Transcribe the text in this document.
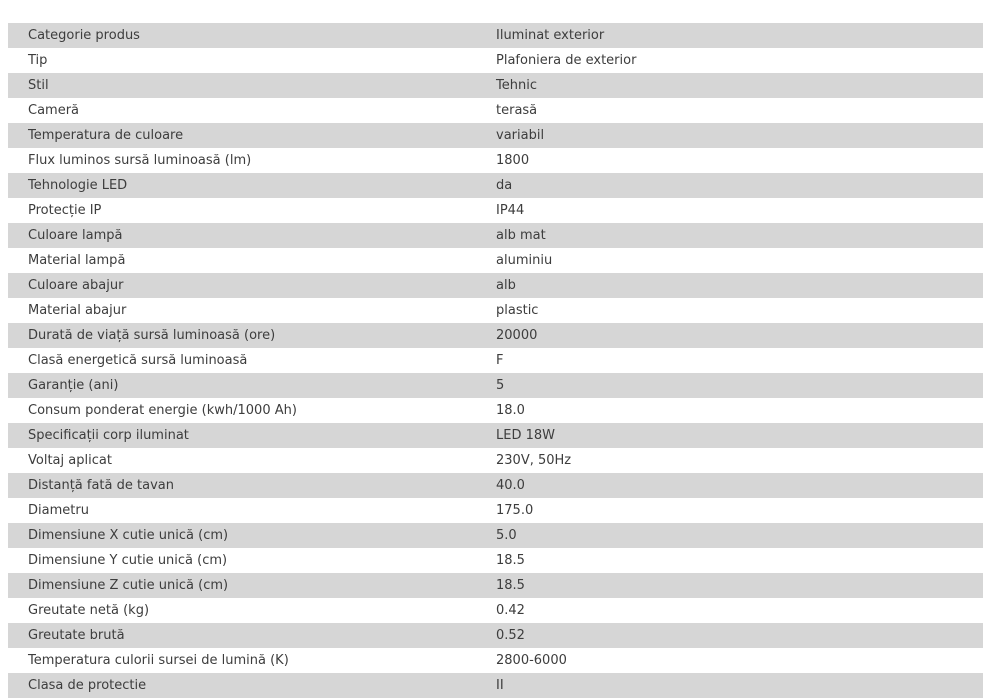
Categorie produs	Iluminat exterior
Tip	Plafoniera de exterior
Stil	Tehnic
Cameră	terasă
Temperatura de culoare	variabil
Flux luminos sursă luminoasă (lm)	1800
Tehnologie LED	da
Protecție IP	IP44
Culoare lampă	alb mat
Material lampă	aluminiu
Culoare abajur	alb
Material abajur	plastic
Durată de viață sursă luminoasă (ore)	20000
Clasă energetică sursă luminoasă	F
Garanție (ani)	5
Consum ponderat energie (kwh/1000 Ah)	18.0
Specificații corp iluminat	LED 18W
Voltaj aplicat	230V, 50Hz
Distanță fată de tavan	40.0
Diametru	175.0
Dimensiune X cutie unică (cm)	5.0
Dimensiune Y cutie unică (cm)	18.5
Dimensiune Z cutie unică (cm)	18.5
Greutate netă (kg)	0.42
Greutate brută	0.52
Temperatura culorii sursei de lumină (K)	2800-6000
Clasa de protectie	II
